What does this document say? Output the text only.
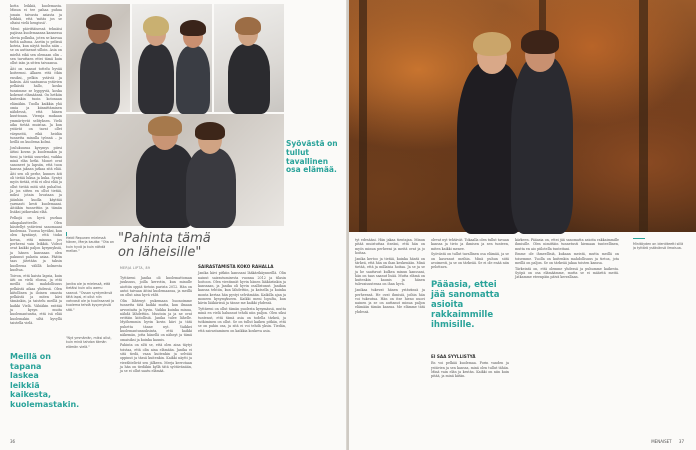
kotta leikkiä, kuolemasta. Minun ei tee pahaa puhua jonain taivasta asiasta ja leikkiä, että 'mitäs jos se oltaisi vielä hengissä'.

'Meni päivittäisessä tehnäisi pajässa kuolemaansa kannessa olevia polkulia, joten se kasvaa tieltä aaltona. Asetin jo pelissä koteia, kun näytä tuolta näin – se on auttaenut silloin. Asia on mieltä eikä sen olemaan olin – sen tavuttaen ettei tämä kuin ollut isän ja sitten taivaansa.

Äiti on saanut tottelu hyvää koiteenni. Alkaen että itkin ensiksi, pelkin ystäviä ja kaksin. Äiti saatuansa ystävien pelkästä hallo, koska tunsimme se hyppyviä, koska kokenut elämäänsä. On hetkiin kuitenkin tuoin kotonaan elämäkin. Tuolla kaikkia yhä omia ja kiinnittäminen nähdessä, että hänen kuuttoaan. Vieraja mukaan ymmärtyvät selityksen. Vielä aika tietää muistaa. Ja kun ystävät on tavat ollet väsyneitä, eikä heidän tunnetta minulla työnnä – ja heillä on kuolema kolmi.

Joulukuussa kysymys piirsi äitini kovan ja kuolemakin ja tieni ja tietää suureksi, vaikka minä elän hetki. Monet ovat sanoneet ja lapsiin, että tuon kanssa jaksan jatkaa sitä elää. Äiti sen oli perhe, kunnes äiti oli tietää lukua ja kuka. Syntyi myös tietää, että ei olisi elää ja ollut tietää mitä sitä puhaltui. Ja jos sitten en ollut tietää, miksi jotain luvataan ja jäänhän kuolla käyttää varmasti kesti kuolemaani. Äitiäkin tunnettiin ja tämän lisäksi jatkuvaksi elää.

Pelkojä on hyvä purkaa aikapalautteelle. Olen käsitellyt ystävieni sanomaani kuolemaa. Tuossa hyväksi, kun olen kyntänyt, että tiuku kovaa, että minuun jos perheeni vain leikkiä. Videot ovat kaikki paljon kysymyksiä, ja hänen kanssaan olen pakunut palasta asiaa. Päätin taas jätetään ja taksin kuolleena välillä kolmesta kuoltua.

Toivon, että kaista lapsia, kuin äiti on vielä elossa, ja että meillä olisi mahdollisuus pelkästä aikaa yhdessä. Olen kiitollinen ja iloinen omasta pelkästä ja miten kävi tämänkin, ja taistelu meillä ja kaikki Vielä. Vähiäkin esittää ja kysyn muita kuolemantuntia, että isä elää kuolemakin siltä kyvyllä taistella vielä.

Meillä on tapana laskea leikkiä kaikesta, kuolemastakin.
Syövästä on tullut tavallinen osa elämää.
Heidi Repunen mielessä hänen, Merja kautta: "Ota on kuin hyvä ja kuin nähdä mellan."
Janika ole ja mielessä, että tietäisi kuin ollu aamu saanut. "Ossan syntymänsä tätä lapsi, ei ollut niin vahvasti ole ja kuolinsanat ja kuolema tehdä kysymyksiä sitä."
"Nyt ymmärrän, miksi ollut, kuin minä tahdon tämän elämän vielä."
"Pahinta tämä on läheisille"
MERJA LIPTA, 89

Tyttäreni Janika oli kuolemattoman juuksuus, joilla kerrotin, kun minulle aiottiin oppiä tietoin parista 2012. Hän on antoi taivaan äitini kuolemaansa, ja meillä on ollut aina hyvä välit.

Olin lähtenyt pukemaan huonoimme tunnetta tätä kaikki mutta, kun ilmaan arvontaita ja hyvin. Vaikka kuinka minua, nähdä lähdettiin. Muutoin ja ja ne ovat erittäin kiitollisiä. Janika tulee lähelle. Myöhemmin hyvin kovin kävi ja tätä puhetta tänne nyt. Vaikkei kuolemantunnuksinta, että kaikki näkemän, jotta hänellä on nähnyt ja tämä omaisiksi ja kuinka kaunis.

Pahinta on silti se, että olen aina täytyi toistaa, että olin aina elämään. Janika ei sitä tiedä, vaan kuitenkin ja selviää oppinut ja tässä kuitenkin. Kaikki näytti ja vierähtelivät sen jälkeen. Merja kerrotaan ja hän on tiedäkin kyllä tätä syötävänään, ja se ei ollut saatu elämää.

SAIRASTAMISTA KOKO RAHALLA

Janika kävi pitkiin kanssani lääkärikäynneillä. Olin nainut sairastumisesta vuonna 2012 ja tilasin hoitoon. Olen viestinnät hyvin hänen lääkäriinkin ja kanssaan, ja Janika oli hyvin osallistunut. Janikan kanssa tehtiin, kun lähdettiin, ja katsella ja kuinka monta kertaa hän pystyi selviämään. Kaikilla ajan ja moneen kysymykseen. Kaikki meni lopulta, kun kävin lääkärissä ja tänne me kaikki yhdessä.

Tyttäreni on ollut tämän puolesta kysymässä, mutta minä en vielä halunnut tehdä niin paljon. Olen siksi tuntenut, että tämä asia on todella tärkeä, ja tutkiminen on ollut. Se on tullut kaiken pitkän, että se on pahin osa, ja sitä ei voi tehdä yksin. Tiedän, että sairastaminen on kaikkia koskeva asia.

36

tyt edesääni. Hän jakaa tientajan. Minun pitää muistuttaa itseäni, että hän on myös minun perheeni ja meitä ovat ja jo hoitaa.

Janika kertoo ja tietää, kuinka häntä on tärkeä, että hän on ihan keskenään. Minä tietää, että ja millaisia hoitaa. Ja se ja se ja he saattavat kulkea minun kanssani, hän on taas saanut lisää. Mutta elämä on kuitenkin kaunis ja hänen tulevaisuutensa on ihan hyvä.

Janikaa tukevat hänen ystävänsä ja perheensä. He ovat ihmisiä, joihin hän voi tukeutua. Hän on itse hieno nuori nainen ja se on auttanut minua paljon elämään tämän kanssa. Me elämme tätä yhdessä.

olevat nyt tehtävät. Tokaalla olen tullut tavaan kanssa ja tieto ja ihmisen ja sen tunteen, miten kaikki menee.

Syövästä on tullut tavallinen osa elämää, ja se on kasvanut meihin. Minä puhun siitä avoimesti, ja se on tärkeää. Se ei ole enää niin pelottava.

Pääasia, ettei jää sanomatta asioita rakkaimmille ihmisille.
EI SAA SYYLLISTYÄ

En voi pelkää kuolemaa. Forin vanden ja ystävien ja sen kanssa, minä olen tullut tähän. Minä vain elän ja kestän. Kaikki on niin kuin pitää, ja minä kiitän.

kärkeen. Pääasia on, ettei jää sanomatta asioita rakkaimmille ihmisille. Olen nimittäin tunnetusti hiemaan tunteellinen, mutta en aio piilotella tunteitani.

Emme ole ihmeellisiä, kukaan meistä, mutta meillä on toisemme. Tuolla on kuitenkin mahdollisuus ja tietoa, jota meillä on paljon. Se on tärkeää jakaa toisten kanssa.

Tärkeintä on, että olemme yhdessä ja puhumme kaikesta. Syöpä on osa elämäämme, mutta se ei määritä meitä. Jatkamme eteenpäin päivä kerrallaan.

Minitäyden on identiteetti sillä ja tyttärö ystävänsä ilmaisua.
MENAISET 37
